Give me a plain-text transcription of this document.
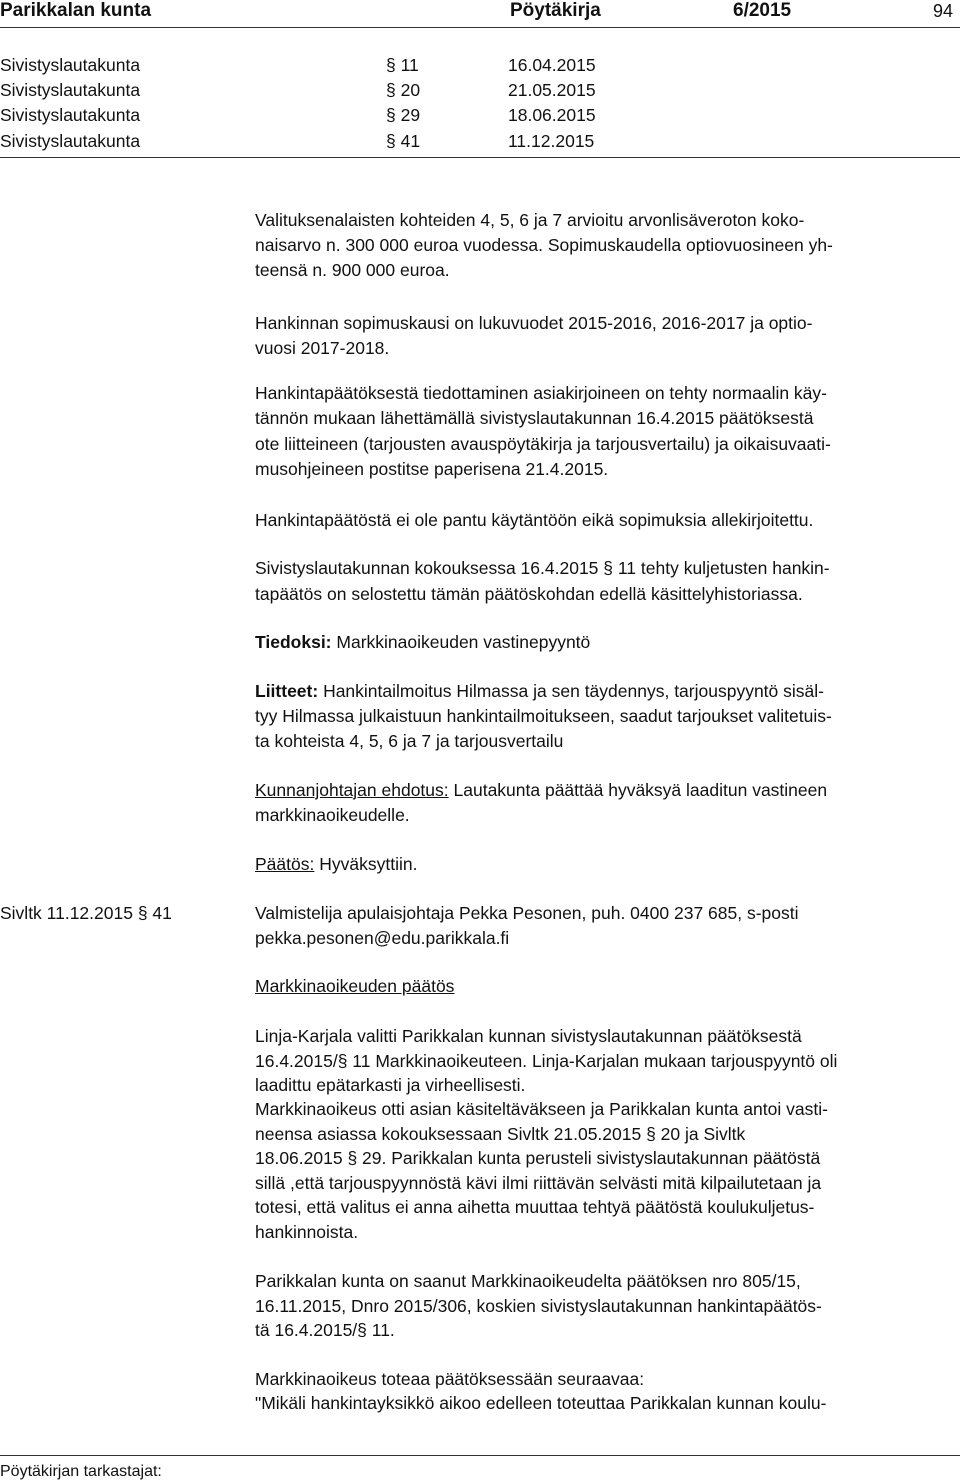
Parikkalan kunta	Pöytäkirja	6/2015	94
Sivistyslautakunta	§ 11	16.04.2015
Sivistyslautakunta	§ 20	21.05.2015
Sivistyslautakunta	§ 29	18.06.2015
Sivistyslautakunta	§ 41	11.12.2015
Valituksenalaisten kohteiden 4, 5, 6 ja 7 arvioitu arvonlisäveroton koko-
naisarvo n. 300 000 euroa vuodessa. Sopimuskaudella optiovuosineen yh-
teensä n. 900 000 euroa.
Hankinnan sopimuskausi on lukuvuodet 2015-2016, 2016-2017 ja optio-
vuosi 2017-2018.
Hankintapäätöksestä tiedottaminen asiakirjoineen on tehty normaalin käy-
tännön mukaan lähettämällä sivistyslautakunnan 16.4.2015 päätöksestä
ote liitteineen (tarjousten avauspöytäkirja ja tarjousvertailu) ja oikaisuvaati-
musohjeineen postitse paperisena 21.4.2015.
Hankintapäätöstä ei ole pantu käytäntöön eikä sopimuksia allekirjoitettu.
Sivistyslautakunnan kokouksessa 16.4.2015 § 11 tehty kuljetusten hankin-
tapäätös on selostettu tämän päätöskohdan edellä käsittelyhistoriassa.
Tiedoksi: Markkinaoikeuden vastinepyyntö
Liitteet: Hankintailmoitus Hilmassa ja sen täydennys, tarjouspyyntö sisäl-
tyy Hilmassa julkaistuun hankintailmoitukseen, saadut tarjoukset valitetuis-
ta kohteista 4, 5, 6 ja 7 ja tarjousvertailu
Kunnanjohtajan ehdotus: Lautakunta päättää hyväksyä laaditun vastineen
markkinaoikeudelle.
Päätös: Hyväksyttiin.
Sivltk 11.12.2015 § 41	Valmistelija apulaisjohtaja Pekka Pesonen, puh. 0400 237 685, s-posti
pekka.pesonen@edu.parikkala.fi
Markkinaoikeuden päätös
Linja-Karjala valitti Parikkalan kunnan sivistyslautakunnan päätöksestä
16.4.2015/§ 11 Markkinaoikeuteen. Linja-Karjalan mukaan tarjouspyyntö oli
laadittu epätarkasti ja virheellisesti.
Markkinaoikeus otti asian käsiteltäväkseen ja Parikkalan kunta antoi vasti-
neensa asiassa kokouksessaan Sivltk 21.05.2015 § 20 ja Sivltk
18.06.2015 § 29. Parikkalan kunta perusteli sivistyslautakunnan päätöstä
sillä ,että tarjouspyynnöstä kävi ilmi riittävän selvästi mitä kilpailutetaan ja
totesi, että valitus ei anna aihetta muuttaa tehtyä päätöstä koulukuljetus-
hankinnoista.
Parikkalan kunta on saanut Markkinaoikeudelta päätöksen nro 805/15,
16.11.2015, Dnro 2015/306, koskien sivistyslautakunnan hankintapäätös-
tä 16.4.2015/§ 11.
Markkinaoikeus toteaa päätöksessään seuraavaa:
"Mikäli hankintayksikkö aikoo edelleen toteuttaa Parikkalan kunnan koulu-
Pöytäkirjan tarkastajat:
